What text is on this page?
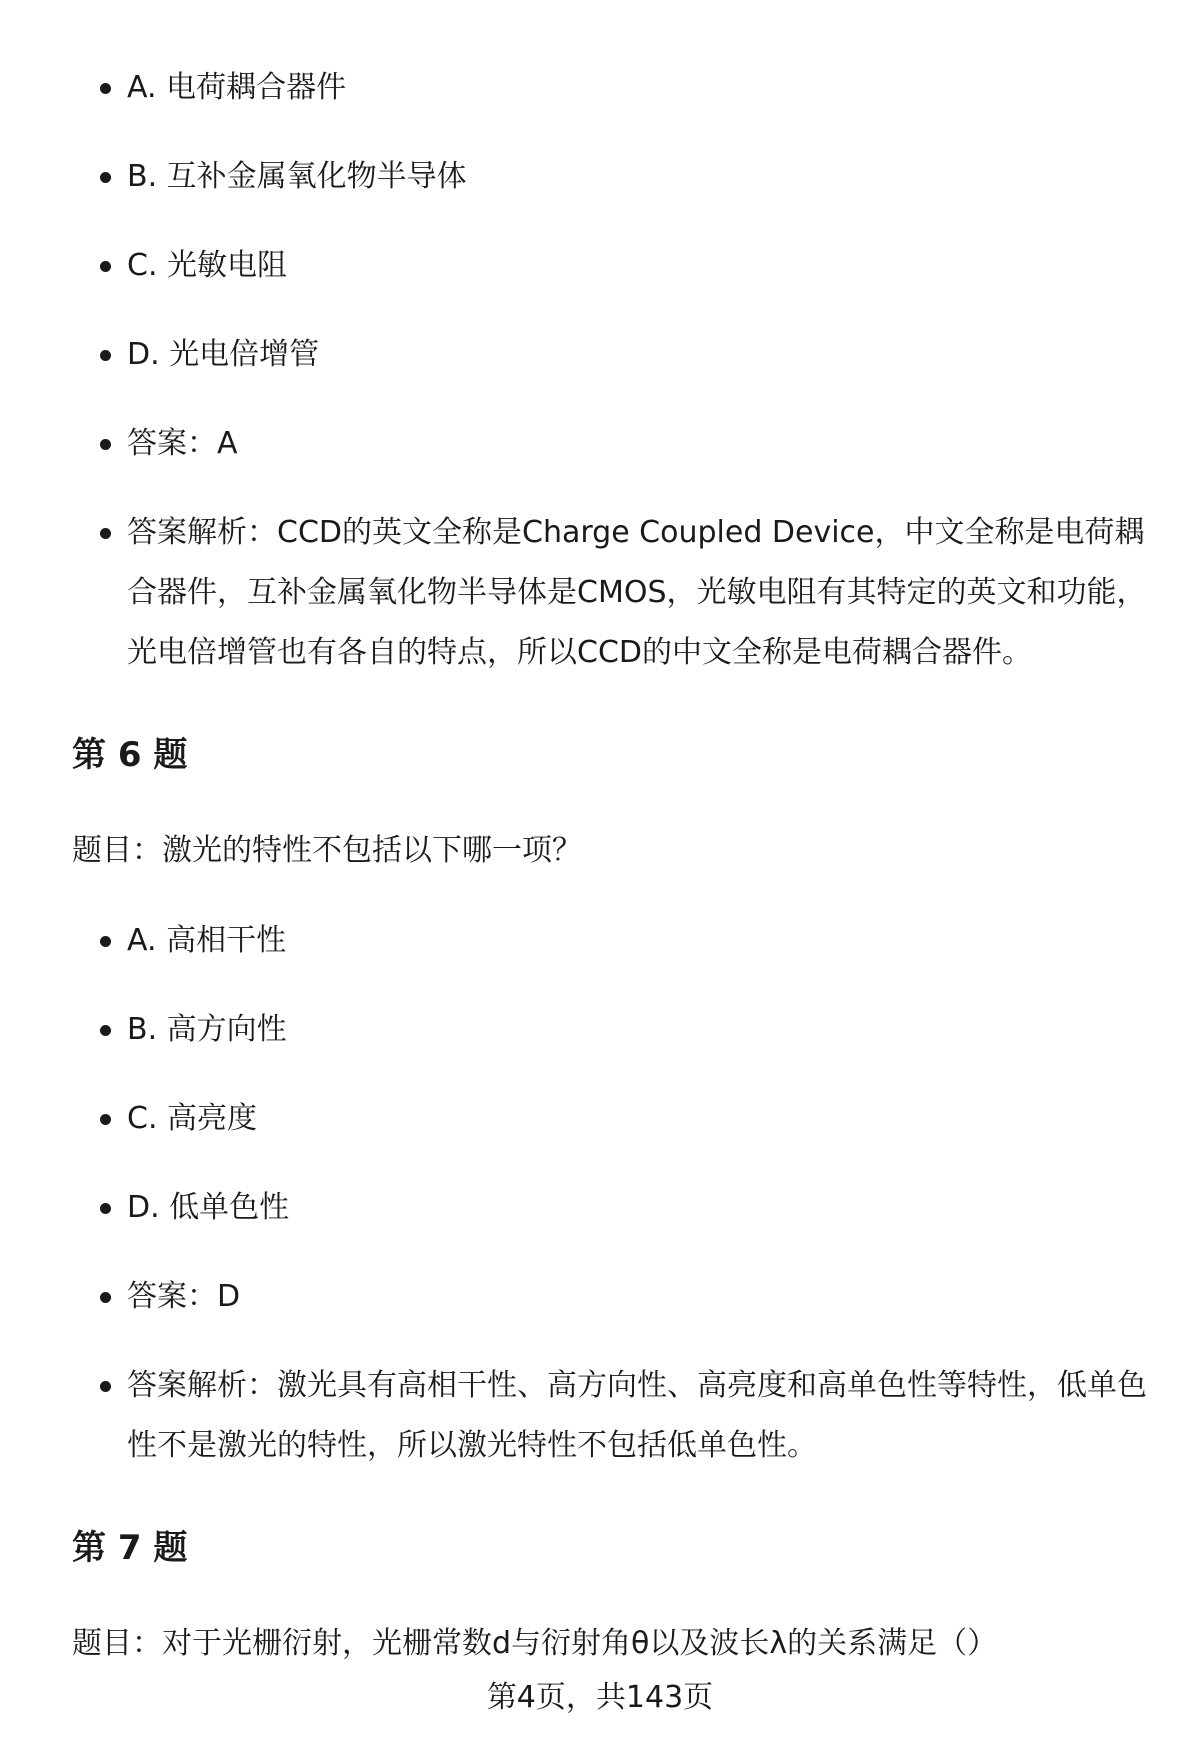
A. 电荷耦合器件
B. 互补金属氧化物半导体
C. 光敏电阻
D. 光电倍增管
答案：A
答案解析：CCD的英文全称是Charge Coupled Device，中文全称是电荷耦合器件，互补金属氧化物半导体是CMOS，光敏电阻有其特定的英文和功能，光电倍增管也有各自的特点，所以CCD的中文全称是电荷耦合器件。
第 6 题

题目：激光的特性不包括以下哪一项？

A. 高相干性
B. 高方向性
C. 高亮度
D. 低单色性
答案：D
答案解析：激光具有高相干性、高方向性、高亮度和高单色性等特性，低单色性不是激光的特性，所以激光特性不包括低单色性。
第 7 题

题目：对于光栅衍射，光栅常数d与衍射角θ以及波长λ的关系满足（）

第4页，共143页
